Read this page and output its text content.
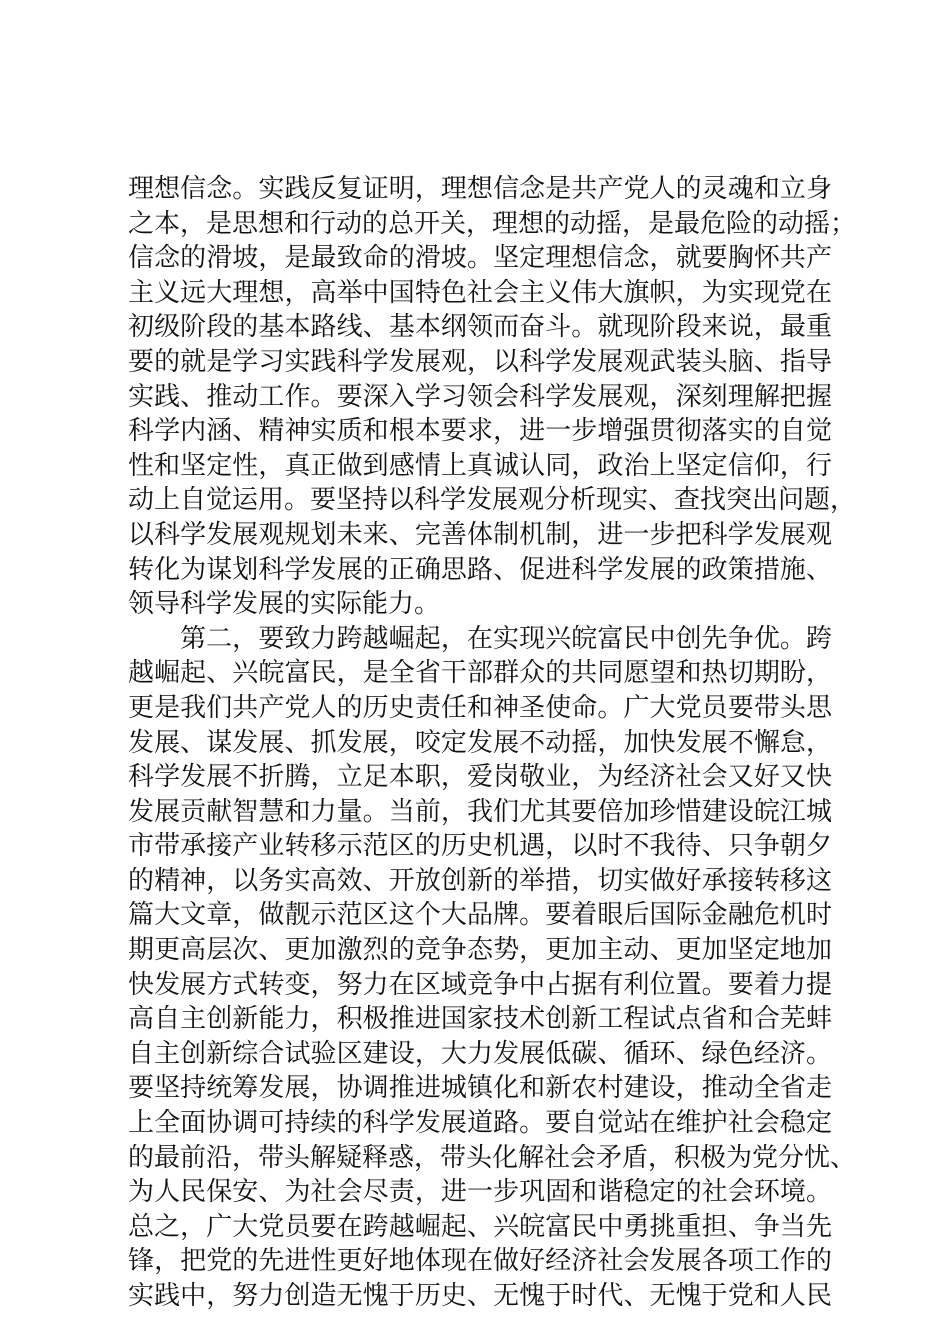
理想信念。实践反复证明，理想信念是共产党人的灵魂和立身
之本，是思想和行动的总开关，理想的动摇，是最危险的动摇；
信念的滑坡，是最致命的滑坡。坚定理想信念，就要胸怀共产
主义远大理想，高举中国特色社会主义伟大旗帜，为实现党在
初级阶段的基本路线、基本纲领而奋斗。就现阶段来说，最重
要的就是学习实践科学发展观，以科学发展观武装头脑、指导
实践、推动工作。要深入学习领会科学发展观，深刻理解把握
科学内涵、精神实质和根本要求，进一步增强贯彻落实的自觉
性和坚定性，真正做到感情上真诚认同，政治上坚定信仰，行
动上自觉运用。要坚持以科学发展观分析现实、查找突出问题，
以科学发展观规划未来、完善体制机制，进一步把科学发展观
转化为谋划科学发展的正确思路、促进科学发展的政策措施、
领导科学发展的实际能力。
第二，要致力跨越崛起，在实现兴皖富民中创先争优。跨
越崛起、兴皖富民，是全省干部群众的共同愿望和热切期盼，
更是我们共产党人的历史责任和神圣使命。广大党员要带头思
发展、谋发展、抓发展，咬定发展不动摇，加快发展不懈怠，
科学发展不折腾，立足本职，爱岗敬业，为经济社会又好又快
发展贡献智慧和力量。当前，我们尤其要倍加珍惜建设皖江城
市带承接产业转移示范区的历史机遇，以时不我待、只争朝夕
的精神，以务实高效、开放创新的举措，切实做好承接转移这
篇大文章，做靓示范区这个大品牌。要着眼后国际金融危机时
期更高层次、更加激烈的竞争态势，更加主动、更加坚定地加
快发展方式转变，努力在区域竞争中占据有利位置。要着力提
高自主创新能力，积极推进国家技术创新工程试点省和合芜蚌
自主创新综合试验区建设，大力发展低碳、循环、绿色经济。
要坚持统筹发展，协调推进城镇化和新农村建设，推动全省走
上全面协调可持续的科学发展道路。要自觉站在维护社会稳定
的最前沿，带头解疑释惑，带头化解社会矛盾，积极为党分忧、
为人民保安、为社会尽责，进一步巩固和谐稳定的社会环境。
总之，广大党员要在跨越崛起、兴皖富民中勇挑重担、争当先
锋，把党的先进性更好地体现在做好经济社会发展各项工作的
实践中，努力创造无愧于历史、无愧于时代、无愧于党和人民
